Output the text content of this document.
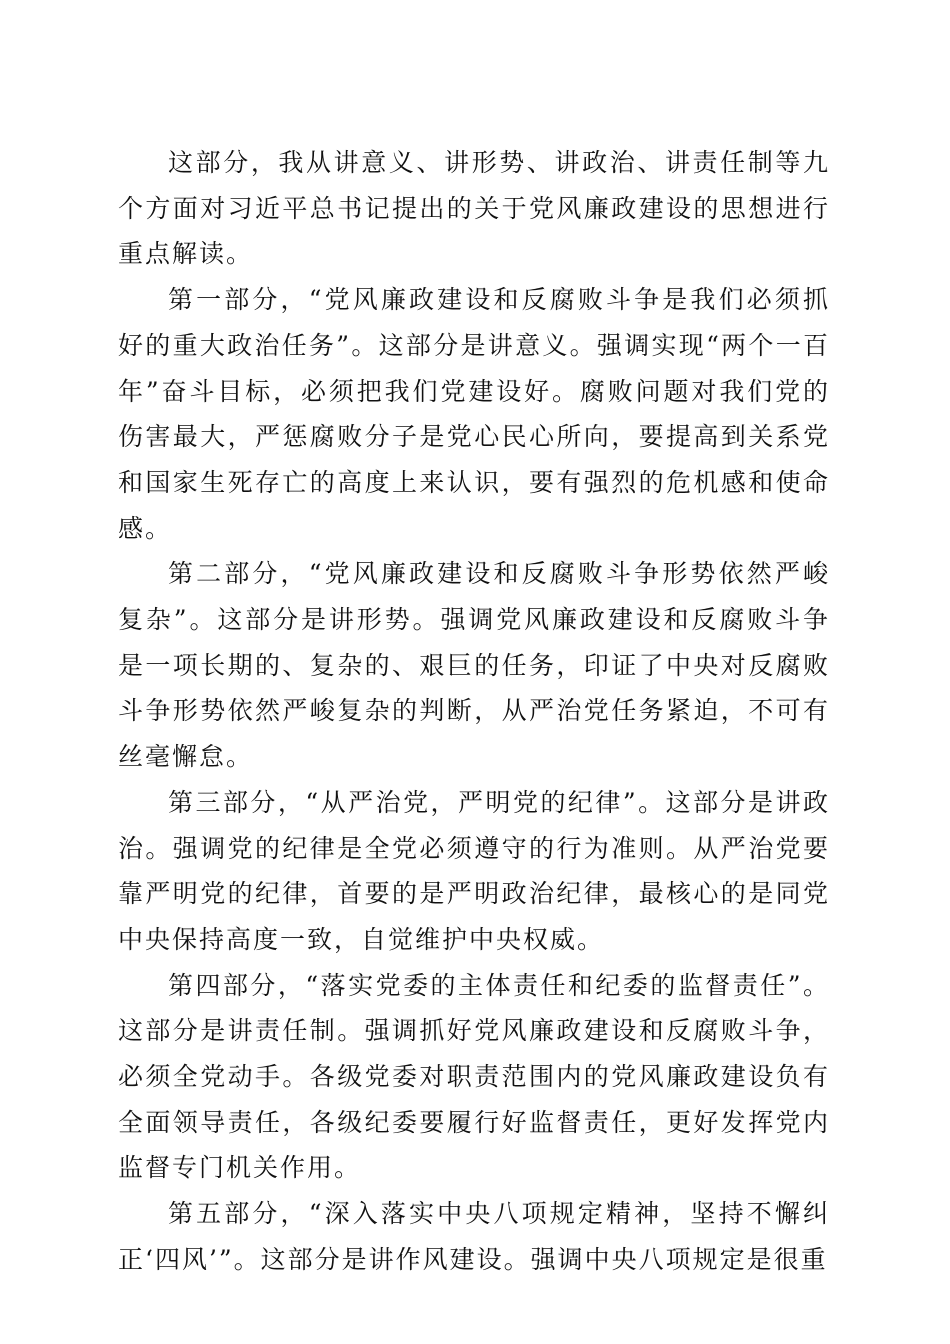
这部分，我从讲意义、讲形势、讲政治、讲责任制等九个方面对习近平总书记提出的关于党风廉政建设的思想进行重点解读。

第一部分，“党风廉政建设和反腐败斗争是我们必须抓好的重大政治任务”。这部分是讲意义。强调实现“两个一百年”奋斗目标，必须把我们党建设好。腐败问题对我们党的伤害最大，严惩腐败分子是党心民心所向，要提高到关系党和国家生死存亡的高度上来认识，要有强烈的危机感和使命感。

第二部分，“党风廉政建设和反腐败斗争形势依然严峻复杂”。这部分是讲形势。强调党风廉政建设和反腐败斗争是一项长期的、复杂的、艰巨的任务，印证了中央对反腐败斗争形势依然严峻复杂的判断，从严治党任务紧迫，不可有丝毫懈怠。

第三部分，“从严治党，严明党的纪律”。这部分是讲政治。强调党的纪律是全党必须遵守的行为准则。从严治党要靠严明党的纪律，首要的是严明政治纪律，最核心的是同党中央保持高度一致，自觉维护中央权威。

第四部分，“落实党委的主体责任和纪委的监督责任”。这部分是讲责任制。强调抓好党风廉政建设和反腐败斗争，必须全党动手。各级党委对职责范围内的党风廉政建设负有全面领导责任，各级纪委要履行好监督责任，更好发挥党内监督专门机关作用。

第五部分，“深入落实中央八项规定精神，坚持不懈纠正‘四风’”。这部分是讲作风建设。强调中央八项规定是很重
